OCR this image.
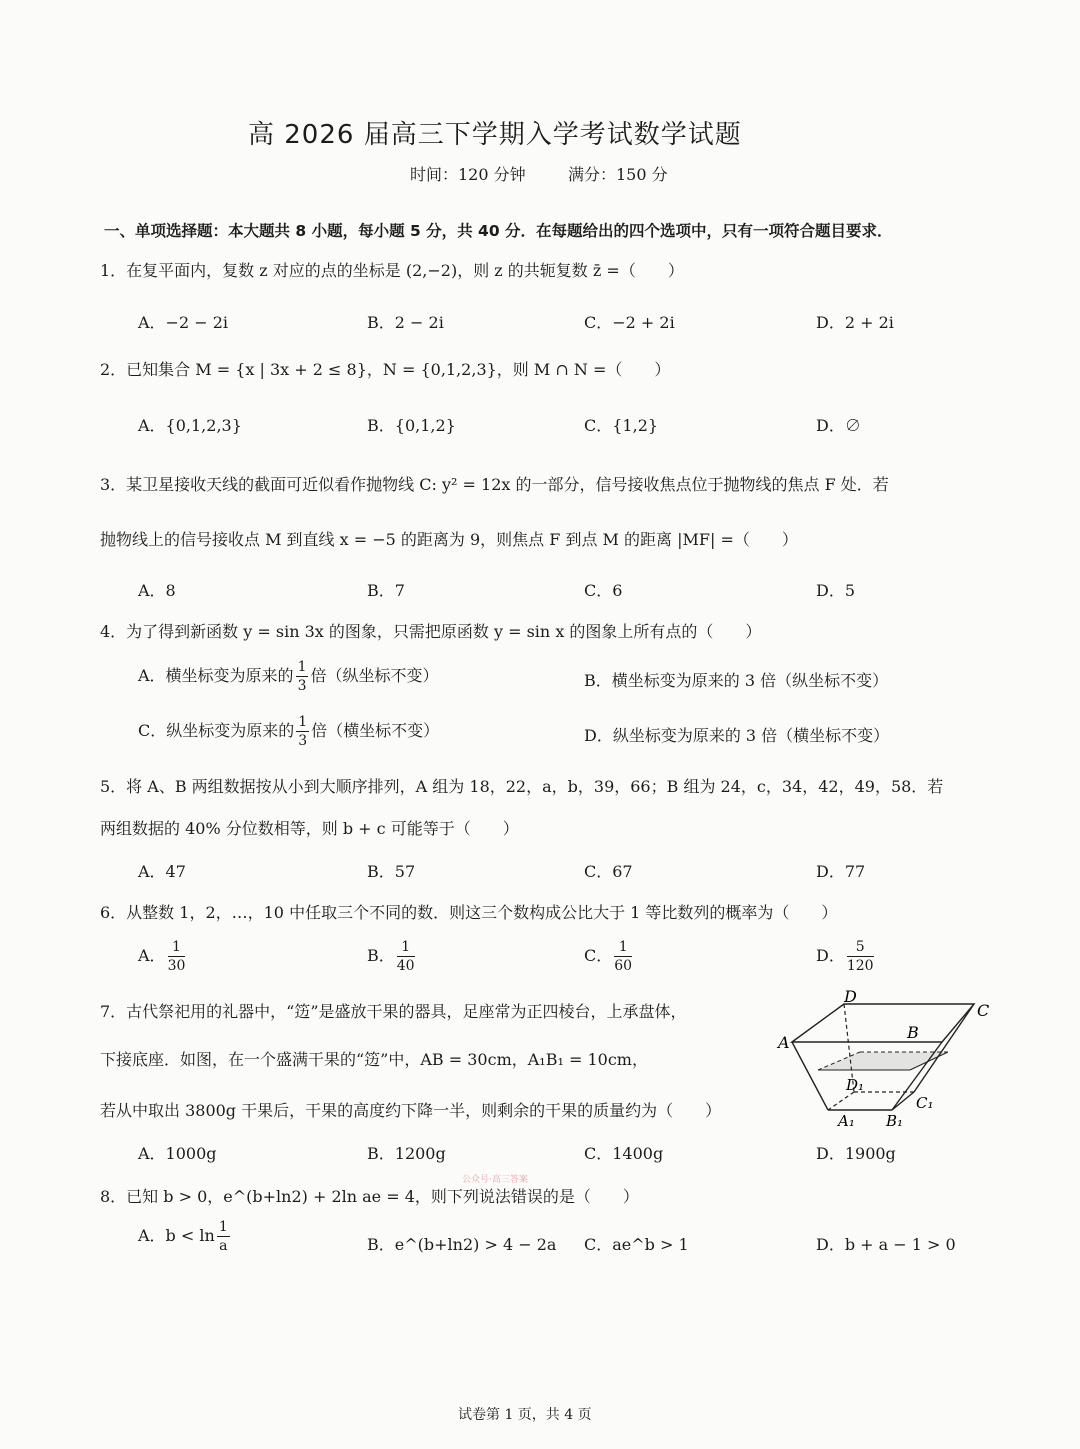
高 2026 届高三下学期入学考试数学试题
时间：120 分钟	满分：150 分
一、单项选择题：本大题共 8 小题，每小题 5 分，共 40 分．在每题给出的四个选项中，只有一项符合题目要求．
1．在复平面内，复数 z 对应的点的坐标是 (2,−2)，则 z 的共轭复数 z̄ =（　　）
A．−2 − 2i	B．2 − 2i	C．−2 + 2i	D．2 + 2i
2．已知集合 M = {x | 3x + 2 ≤ 8}，N = {0,1,2,3}，则 M ∩ N =（　　）
A．{0,1,2,3}	B．{0,1,2}	C．{1,2}	D．∅
3．某卫星接收天线的截面可近似看作抛物线 C: y² = 12x 的一部分，信号接收焦点位于抛物线的焦点 F 处．若
抛物线上的信号接收点 M 到直线 x = −5 的距离为 9，则焦点 F 到点 M 的距离 |MF| =（　　）
A．8	B．7	C．6	D．5
4．为了得到新函数 y = sin 3x 的图象，只需把原函数 y = sin x 的图象上所有点的（　　）
A．横坐标变为原来的 $\frac{1}{3}$ 倍（纵坐标不变）	B．横坐标变为原来的 3 倍（纵坐标不变）
C．纵坐标变为原来的 $\frac{1}{3}$ 倍（横坐标不变）	D．纵坐标变为原来的 3 倍（横坐标不变）
5．将 A、B 两组数据按从小到大顺序排列，A 组为 18，22，a，b，39，66；B 组为 24，c，34，42，49，58．若
两组数据的 40% 分位数相等，则 b + c 可能等于（　　）
A．47	B．57	C．67	D．77
6．从整数 1，2，…，10 中任取三个不同的数．则这三个数构成公比大于 1 等比数列的概率为（　　）
A． $\frac{1}{30}$	B． $\frac{1}{40}$	C． $\frac{1}{60}$	D． $\frac{5}{120}$
7．古代祭祀用的礼器中，“笾”是盛放干果的器具，足座常为正四棱台，上承盘体，
下接底座．如图，在一个盛满干果的“笾”中，AB = 30cm，A₁B₁ = 10cm，
若从中取出 3800g 干果后，干果的高度约下降一半，则剩余的干果的质量约为（　　）
A
D
C
B
D₁
A₁ B₁
C₁
A．1000g	B．1200g	C．1400g	D．1900g
公众号·高三答案
8．已知 b > 0，e^(b+ln2) + 2ln ae = 4，则下列说法错误的是（　　）
A．$b < \ln \frac{1}{a}$	B．e^(b+ln2) > 4 − 2a C．ae^b > 1	D．b + a − 1 > 0
试卷第 1 页，共 4 页
